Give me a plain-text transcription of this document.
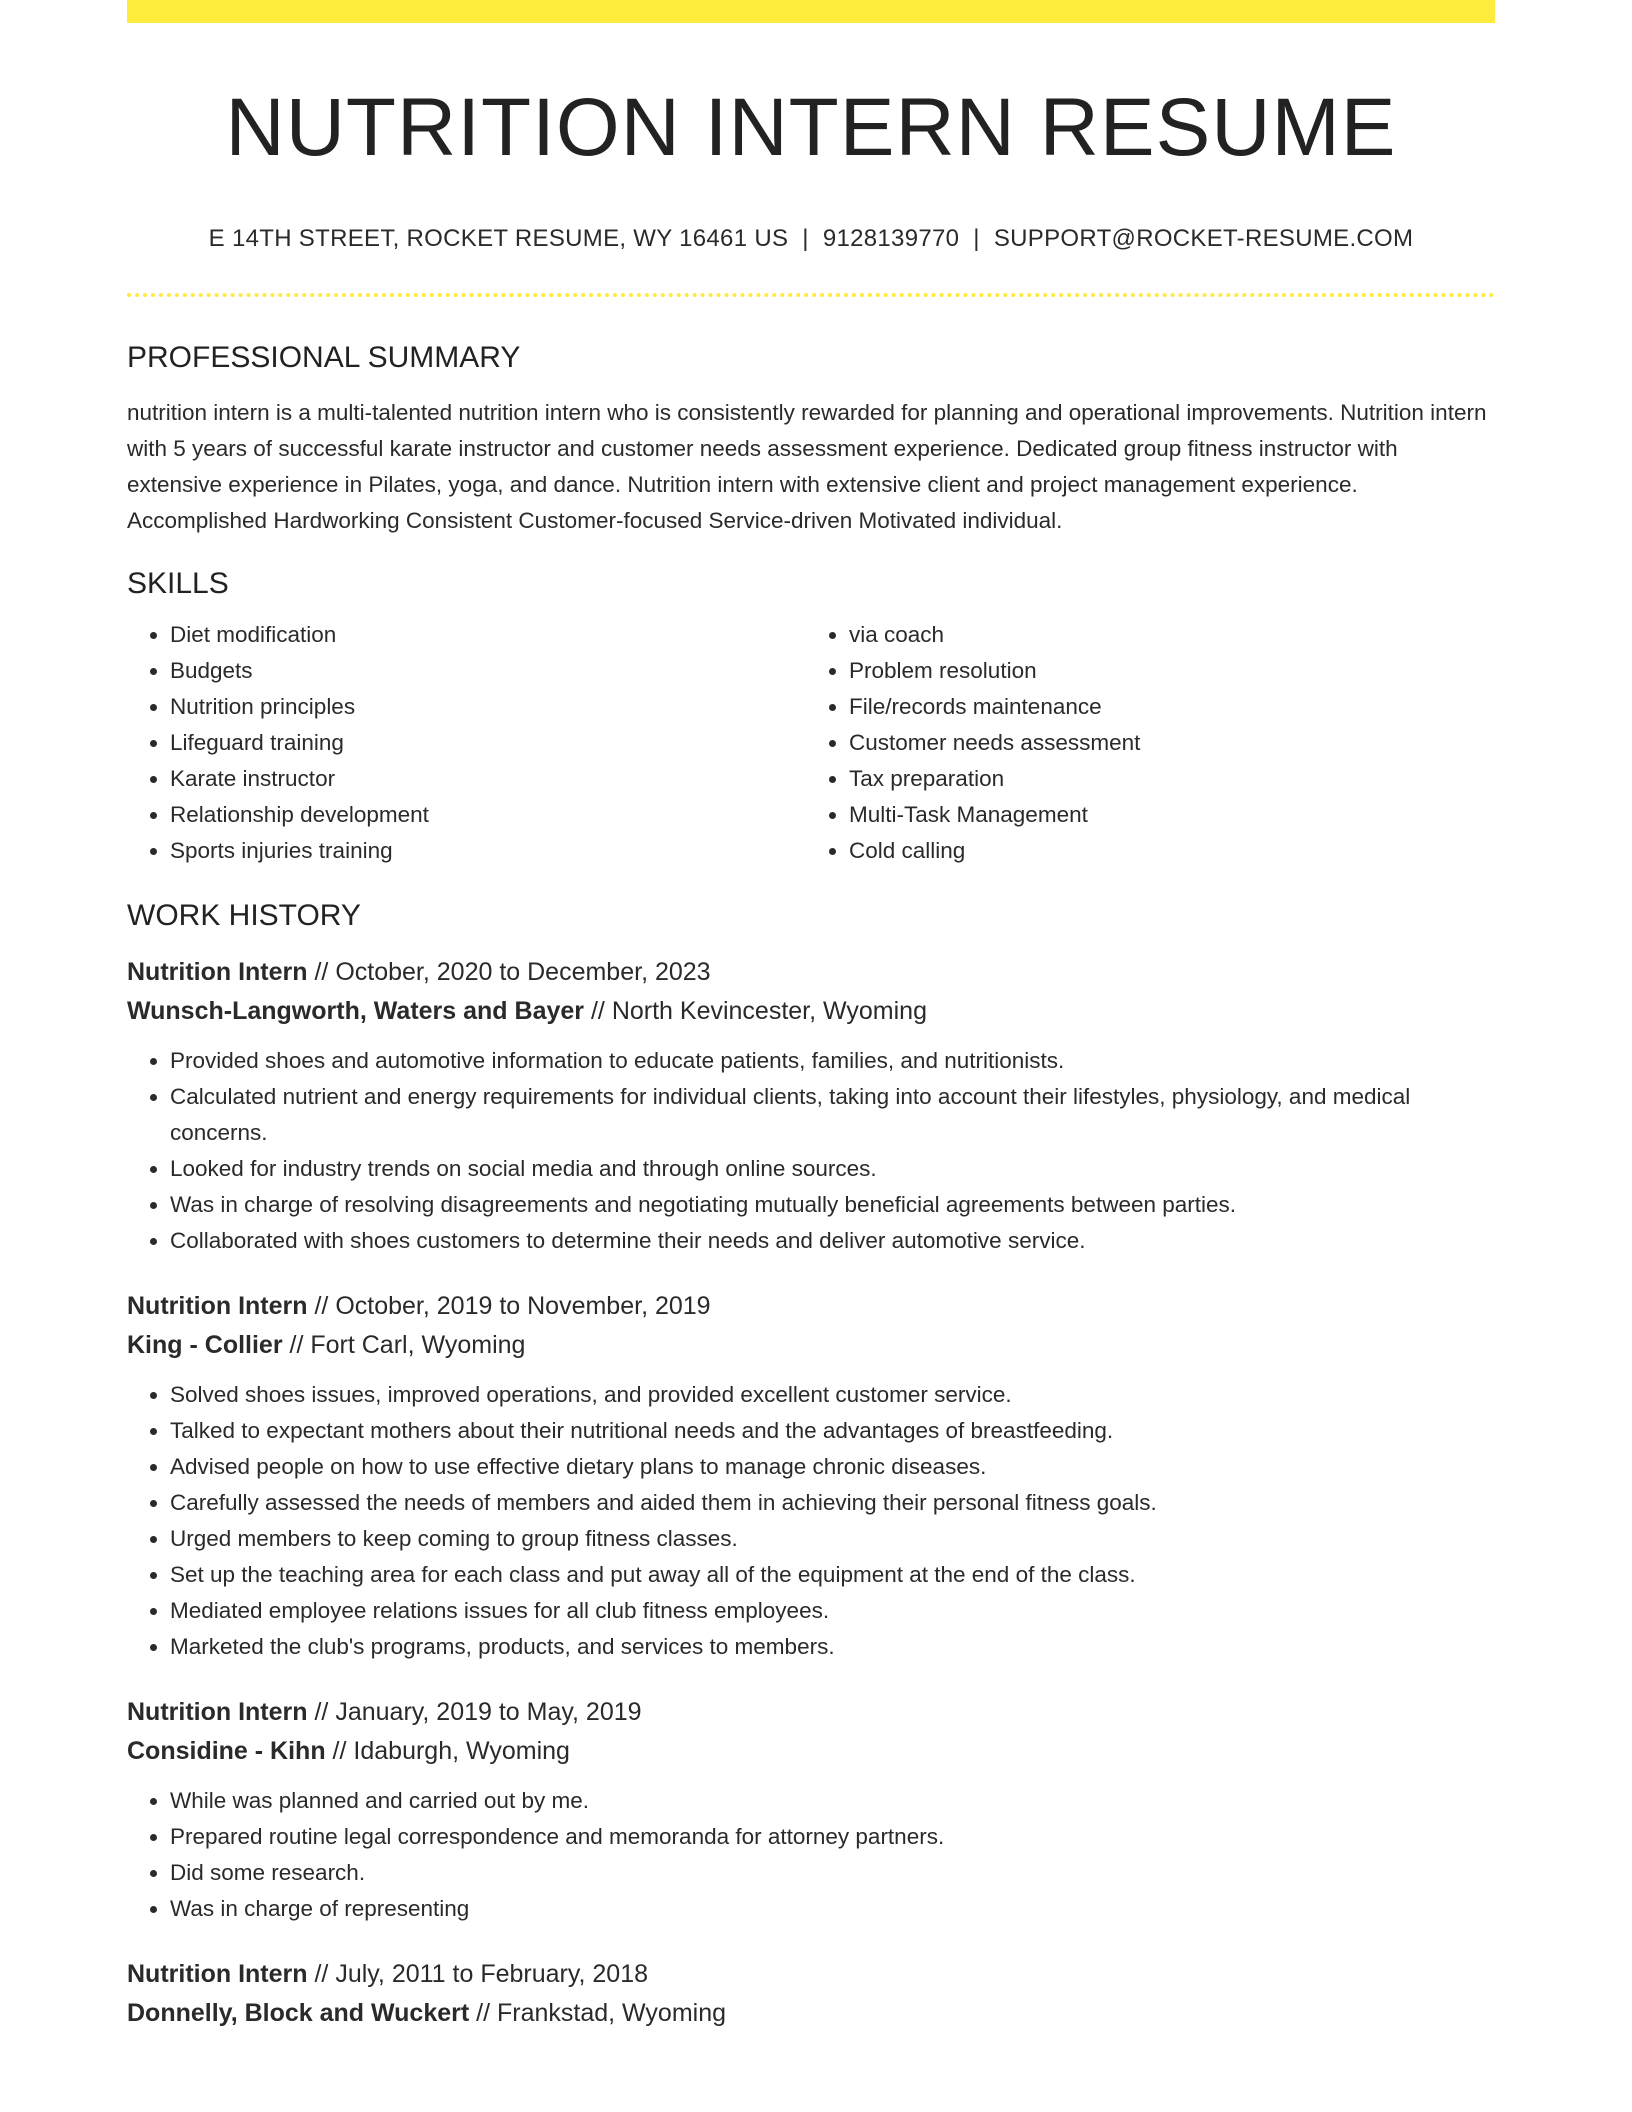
NUTRITION INTERN RESUME
E 14TH STREET, ROCKET RESUME, WY 16461 US | 9128139770 | SUPPORT@ROCKET-RESUME.COM
PROFESSIONAL SUMMARY
nutrition intern is a multi-talented nutrition intern who is consistently rewarded for planning and operational improvements. Nutrition intern with 5 years of successful karate instructor and customer needs assessment experience. Dedicated group fitness instructor with extensive experience in Pilates, yoga, and dance. Nutrition intern with extensive client and project management experience. Accomplished Hardworking Consistent Customer-focused Service-driven Motivated individual.
SKILLS
• Diet modification
• Budgets
• Nutrition principles
• Lifeguard training
• Karate instructor
• Relationship development
• Sports injuries training
• via coach
• Problem resolution
• File/records maintenance
• Customer needs assessment
• Tax preparation
• Multi-Task Management
• Cold calling
WORK HISTORY
Nutrition Intern // October, 2020 to December, 2023
Wunsch-Langworth, Waters and Bayer // North Kevincester, Wyoming
• Provided shoes and automotive information to educate patients, families, and nutritionists.
• Calculated nutrient and energy requirements for individual clients, taking into account their lifestyles, physiology, and medical concerns.
• Looked for industry trends on social media and through online sources.
• Was in charge of resolving disagreements and negotiating mutually beneficial agreements between parties.
• Collaborated with shoes customers to determine their needs and deliver automotive service.
Nutrition Intern // October, 2019 to November, 2019
King - Collier // Fort Carl, Wyoming
• Solved shoes issues, improved operations, and provided excellent customer service.
• Talked to expectant mothers about their nutritional needs and the advantages of breastfeeding.
• Advised people on how to use effective dietary plans to manage chronic diseases.
• Carefully assessed the needs of members and aided them in achieving their personal fitness goals.
• Urged members to keep coming to group fitness classes.
• Set up the teaching area for each class and put away all of the equipment at the end of the class.
• Mediated employee relations issues for all club fitness employees.
• Marketed the club's programs, products, and services to members.
Nutrition Intern // January, 2019 to May, 2019
Considine - Kihn // Idaburgh, Wyoming
• While was planned and carried out by me.
• Prepared routine legal correspondence and memoranda for attorney partners.
• Did some research.
• Was in charge of representing
Nutrition Intern // July, 2011 to February, 2018
Donnelly, Block and Wuckert // Frankstad, Wyoming
